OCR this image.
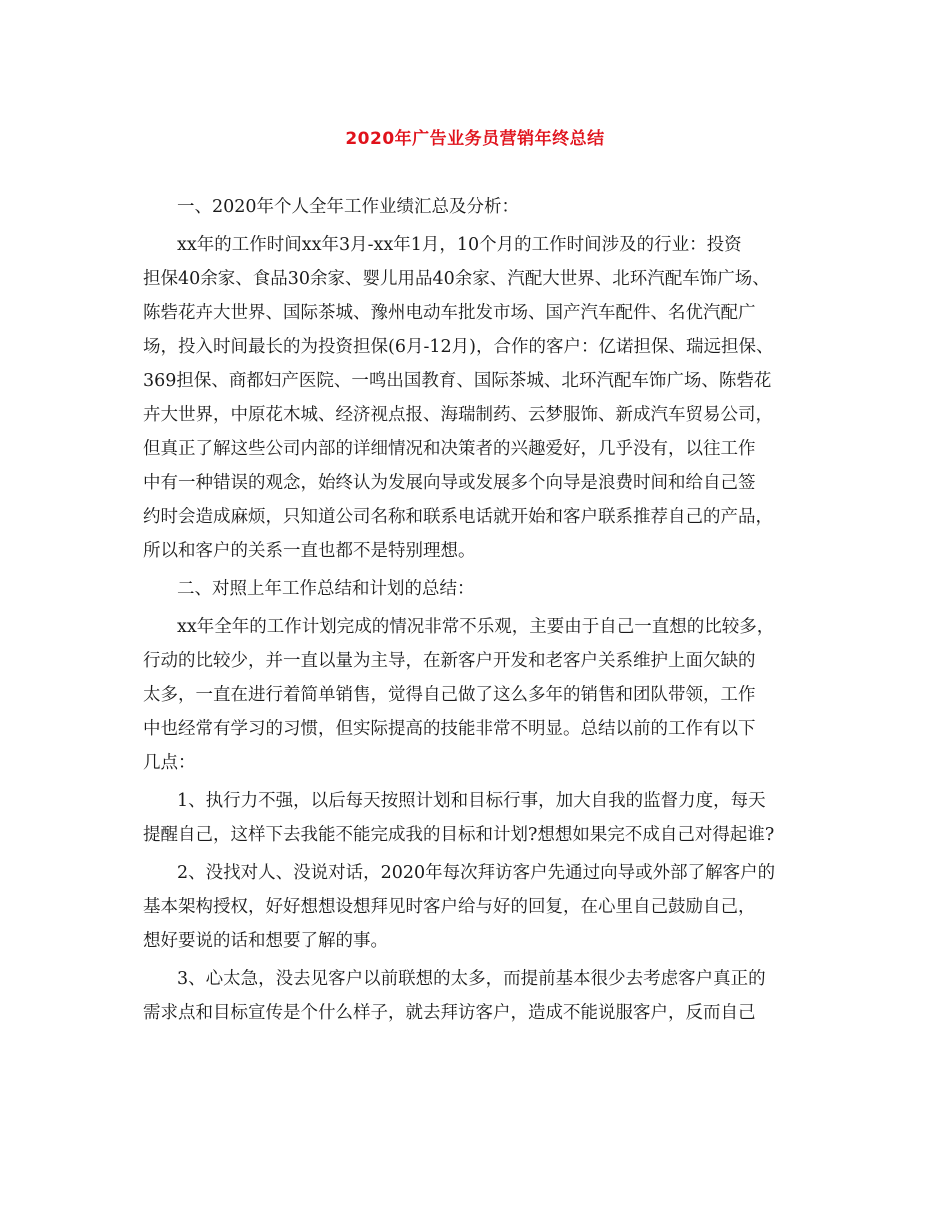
2020年广告业务员营销年终总结
一、2020年个人全年工作业绩汇总及分析：
xx年的工作时间xx年3月-xx年1月，10个月的工作时间涉及的行业：投资
担保40余家、食品30余家、婴儿用品40余家、汽配大世界、北环汽配车饰广场、
陈砦花卉大世界、国际茶城、豫州电动车批发市场、国产汽车配件、名优汽配广
场，投入时间最长的为投资担保(6月-12月)，合作的客户：亿诺担保、瑞远担保、
369担保、商都妇产医院、一鸣出国教育、国际茶城、北环汽配车饰广场、陈砦花
卉大世界，中原花木城、经济视点报、海瑞制药、云梦服饰、新成汽车贸易公司，
但真正了解这些公司内部的详细情况和决策者的兴趣爱好，几乎没有，以往工作
中有一种错误的观念，始终认为发展向导或发展多个向导是浪费时间和给自己签
约时会造成麻烦，只知道公司名称和联系电话就开始和客户联系推荐自己的产品，
所以和客户的关系一直也都不是特别理想。
二、对照上年工作总结和计划的总结：
xx年全年的工作计划完成的情况非常不乐观，主要由于自己一直想的比较多，
行动的比较少，并一直以量为主导，在新客户开发和老客户关系维护上面欠缺的
太多，一直在进行着简单销售，觉得自己做了这么多年的销售和团队带领，工作
中也经常有学习的习惯，但实际提高的技能非常不明显。总结以前的工作有以下
几点：
1、执行力不强，以后每天按照计划和目标行事，加大自我的监督力度，每天
提醒自己，这样下去我能不能完成我的目标和计划?想想如果完不成自己对得起谁?
2、没找对人、没说对话，2020年每次拜访客户先通过向导或外部了解客户的
基本架构授权，好好想想设想拜见时客户给与好的回复，在心里自己鼓励自己，
想好要说的话和想要了解的事。
3、心太急，没去见客户以前联想的太多，而提前基本很少去考虑客户真正的
需求点和目标宣传是个什么样子，就去拜访客户，造成不能说服客户，反而自己
